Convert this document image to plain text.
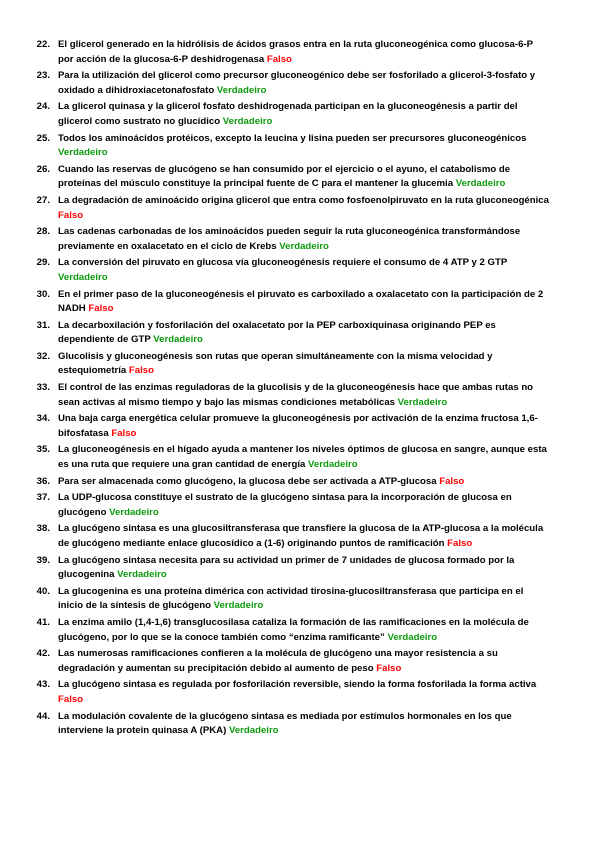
22. El glicerol generado en la hidrólisis de ácidos grasos entra en la ruta gluconeogénica como glucosa-6-P por acción de la glucosa-6-P deshidrogenasa Falso
23. Para la utilización del glicerol como precursor gluconeogénico debe ser fosforilado a glicerol-3-fosfato y oxidado a dihidroxiacetonafosfato Verdadeiro
24. La glicerol quinasa y la glicerol fosfato deshidrogenada participan en la gluconeogénesis a partir del glicerol como sustrato no glucídico Verdadeiro
25. Todos los aminoácidos protéicos, excepto la leucina y lisina pueden ser precursores gluconeogénicos Verdadeiro
26. Cuando las reservas de glucógeno se han consumido por el ejercicio o el ayuno, el catabolismo de proteínas del músculo constituye la principal fuente de C para el mantener la glucemia Verdadeiro
27. La degradación de aminoácido origina glicerol que entra como fosfoenolpiruvato en la ruta gluconeogénica Falso
28. Las cadenas carbonadas de los aminoácidos pueden seguir la ruta gluconeogénica transformándose previamente en oxalacetato en el ciclo de Krebs Verdadeiro
29. La conversión del piruvato en glucosa vía gluconeogénesis requiere el consumo de 4 ATP y 2 GTP Verdadeiro
30. En el primer paso de la gluconeogénesis el piruvato es carboxilado a oxalacetato con la participación de 2 NADH Falso
31. La decarboxilación y fosforilación del oxalacetato por la PEP carboxiquinasa originando PEP es dependiente de GTP Verdadeiro
32. Glucolisis y gluconeogénesis son rutas que operan simultáneamente con la misma velocidad y estequiometría Falso
33. El control de las enzimas reguladoras de la glucolisis y de la gluconeogénesis hace que ambas rutas no sean activas al mismo tiempo y bajo las mismas condiciones metabólicas Verdadeiro
34. Una baja carga energética celular promueve la gluconeogénesis por activación de la enzima fructosa 1,6-bifosfatasa Falso
35. La gluconeogénesis en el hígado ayuda a mantener los niveles óptimos de glucosa en sangre, aunque esta es una ruta que requiere una gran cantidad de energía Verdadeiro
36. Para ser almacenada como glucógeno, la glucosa debe ser activada a ATP-glucosa Falso
37. La UDP-glucosa constituye el sustrato de la glucógeno sintasa para la incorporación de glucosa en glucógeno Verdadeiro
38. La glucógeno sintasa es una glucosiltransferasa que transfiere la glucosa de la ATP-glucosa a la molécula de glucógeno mediante enlace glucosídico a (1-6) originando puntos de ramificación Falso
39. La glucógeno sintasa necesita para su actividad un primer de 7 unidades de glucosa formado por la glucogenina Verdadeiro
40. La glucogenina es una proteína dimérica con actividad tirosina-glucosiltransferasa que participa en el inicio de la síntesis de glucógeno Verdadeiro
41. La enzima amilo (1,4-1,6) transglucosilasa cataliza la formación de las ramificaciones en la molécula de glucógeno, por lo que se la conoce también como “enzima ramificante” Verdadeiro
42. Las numerosas ramificaciones confieren a la molécula de glucógeno una mayor resistencia a su degradación y aumentan su precipitación debido al aumento de peso Falso
43. La glucógeno sintasa es regulada por fosforilación reversible, siendo la forma fosforilada la forma activa Falso
44. La modulación covalente de la glucógeno sintasa es mediada por estímulos hormonales en los que interviene la protein quinasa A (PKA) Verdadeiro
